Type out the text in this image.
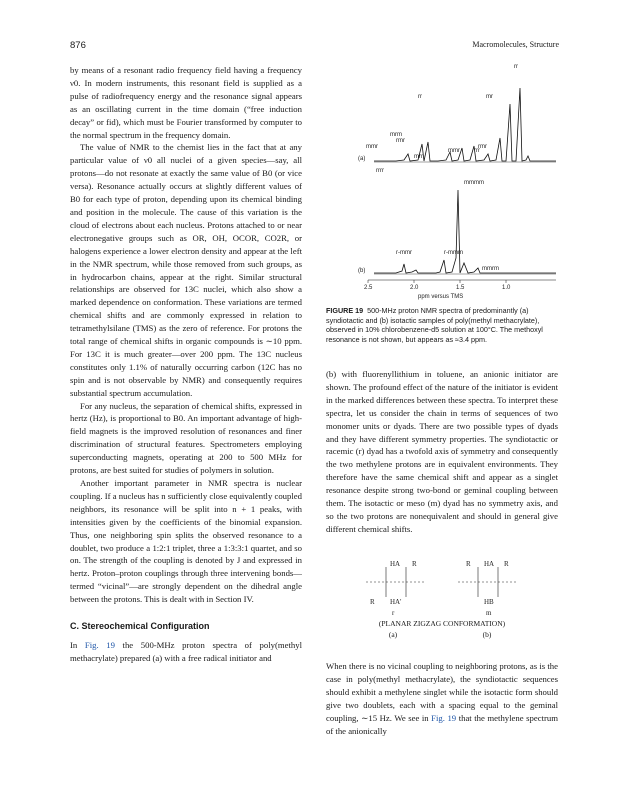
876	Macromolecules, Structure

by means of a resonant radio frequency field having a frequency ν0. In modern instruments, this resonant field is supplied as a pulse of radiofrequency energy and the resonance signal appears as an oscillating current in the time domain (“free induction decay” or fid), which must be Fourier transformed by computer to the normal spectrum in the frequency domain.

The value of NMR to the chemist lies in the fact that at any particular value of ν0 all nuclei of a given species—say, all protons—do not resonate at exactly the same value of B0 (or vice versa). Resonance actually occurs at slightly different values of B0 for each type of proton, depending upon its chemical binding and position in the molecule. The cause of this variation is the cloud of electrons about each nucleus. Protons attached to or near electronegative groups such as OR, OH, OCOR, CO2R, or halogens experience a lower electron density and appear at the left in the NMR spectrum, while those removed from such groups, as in hydrocarbon chains, appear at the right. Similar structural relationships are observed for 13C nuclei, which also show a marked dependence on conformation. These variations are termed chemical shifts and are commonly expressed in relation to tetramethylsilane (TMS) as the zero of reference. For protons the total range of chemical shifts in organic compounds is ∼10 ppm. For 13C it is much greater—over 200 ppm. The 13C nucleus constitutes only 1.1% of naturally occurring carbon (12C has no spin and is not observable by NMR) and consequently requires substantial spectrum accumulation.

For any nucleus, the separation of chemical shifts, expressed in hertz (Hz), is proportional to B0. An important advantage of high-field magnets is the improved resolution of resonances and finer discrimination of structural features. Spectrometers employing superconducting magnets, operating at 200 to 500 MHz for protons, are best suited for studies of polymers in solution.

Another important parameter in NMR spectra is nuclear coupling. If a nucleus has n sufficiently close equivalently coupled neighbors, its resonance will be split into n + 1 peaks, with intensities given by the coefficients of the binomial expansion. Thus, one neighboring spin splits the observed resonance to a doublet, two produce a 1:2:1 triplet, three a 1:3:3:1 quartet, and so on. The strength of the coupling is denoted by J and expressed in hertz. Proton–proton couplings through three intervening bonds—termed “vicinal”—are strongly dependent on the dihedral angle between the protons. This is dealt with in Section IV.

C. Stereochemical Configuration

In Fig. 19 the 500-MHz proton spectra of poly(methyl methacrylate) prepared (a) with a free radical initiator and

(a)
rr
rr
mrm
rmr
mmr
mrr
mmr
rmr
rrr
mr
rrrr
(b)
mmmm
r-mmr	r-mmm
mmrm
2.5	2.0	1.5	1.0
ppm versus TMS
FIGURE 19 500-MHz proton NMR spectra of predominantly (a) syndiotactic and (b) isotactic samples of poly(methyl methacrylate), observed in 10% chlorobenzene-d5 solution at 100°C. The methoxyl resonance is not shown, but appears as ≈3.4 ppm.

(b) with fluorenyllithium in toluene, an anionic initiator are shown. The profound effect of the nature of the initiator is evident in the marked differences between these spectra. To interpret these spectra, let us consider the chain in terms of sequences of two monomer units or dyads. There are two possible types of dyads and they have different symmetry properties. The syndiotactic or racemic (r) dyad has a twofold axis of symmetry and consequently the two methylene protons are in equivalent environments. They therefore have the same chemical shift and appear as a singlet resonance despite strong two-bond or geminal coupling between them. The isotactic or meso (m) dyad has no symmetry axis, and so the two protons are nonequivalent and should in general give different chemical shifts.

HA R
R HA'
R HA R
HB
r	m
(PLANAR ZIGZAG CONFORMATION)
(a)	(b)

When there is no vicinal coupling to neighboring protons, as is the case in poly(methyl methacrylate), the syndiotactic sequences should exhibit a methylene singlet while the isotactic form should give two doublets, each with a spacing equal to the geminal coupling, ∼15 Hz. We see in Fig. 19 that the methylene spectrum of the anionically
